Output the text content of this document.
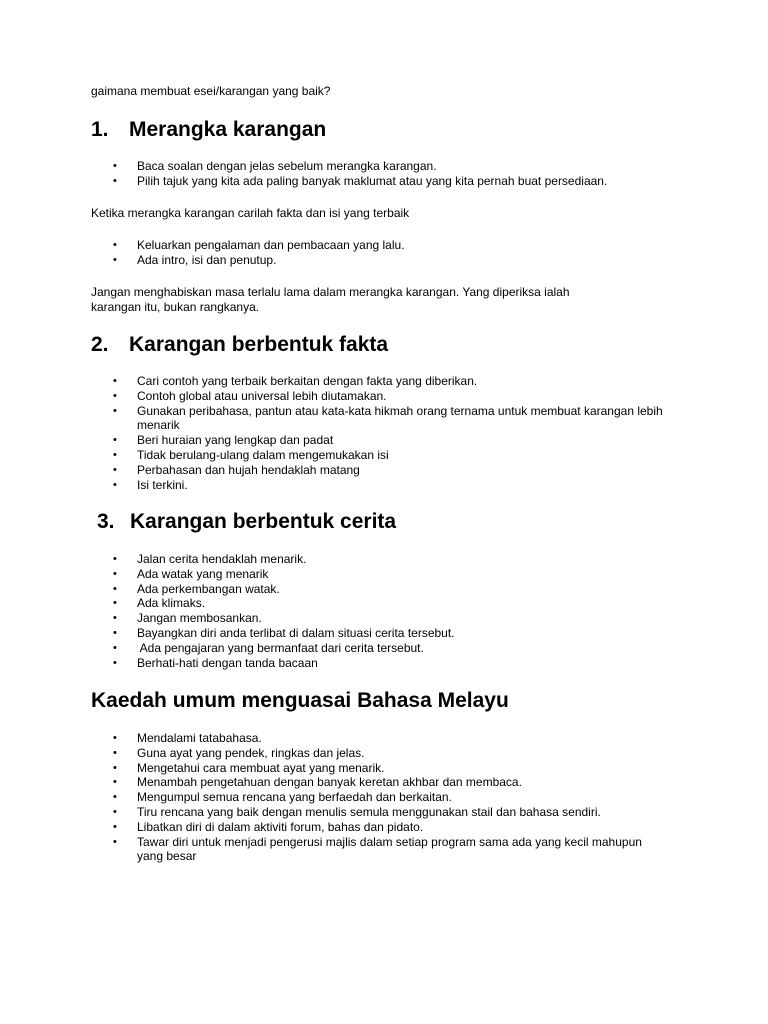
gaimana membuat esei/karangan yang baik?
1. Merangka karangan
• Baca soalan dengan jelas sebelum merangka karangan.
• Pilih tajuk yang kita ada paling banyak maklumat atau yang kita pernah buat persediaan.

Ketika merangka karangan carilah fakta dan isi yang terbaik

• Keluarkan pengalaman dan pembacaan yang lalu.
• Ada intro, isi dan penutup.

Jangan menghabiskan masa terlalu lama dalam merangka karangan. Yang diperiksa ialah
karangan itu, bukan rangkanya.

2. Karangan berbentuk fakta
• Cari contoh yang terbaik berkaitan dengan fakta yang diberikan.
• Contoh global atau universal lebih diutamakan.
• Gunakan peribahasa, pantun atau kata-kata hikmah orang ternama untuk membuat karangan lebih menarik
• Beri huraian yang lengkap dan padat
• Tidak berulang-ulang dalam mengemukakan isi
• Perbahasan dan hujah hendaklah matang
• Isi terkini.
3. Karangan berbentuk cerita
• Jalan cerita hendaklah menarik.
• Ada watak yang menarik
• Ada perkembangan watak.
• Ada klimaks.
• Jangan membosankan.
• Bayangkan diri anda terlibat di dalam situasi cerita tersebut.
•  Ada pengajaran yang bermanfaat dari cerita tersebut.
• Berhati-hati dengan tanda bacaan
Kaedah umum menguasai Bahasa Melayu
• Mendalami tatabahasa.
• Guna ayat yang pendek, ringkas dan jelas.
• Mengetahui cara membuat ayat yang menarik.
• Menambah pengetahuan dengan banyak keretan akhbar dan membaca.
• Mengumpul semua rencana yang berfaedah dan berkaitan.
• Tiru rencana yang baik dengan menulis semula menggunakan stail dan bahasa sendiri.
• Libatkan diri di dalam aktiviti forum, bahas dan pidato.
• Tawar diri untuk menjadi pengerusi majlis dalam setiap program sama ada yang kecil mahupun yang besar
